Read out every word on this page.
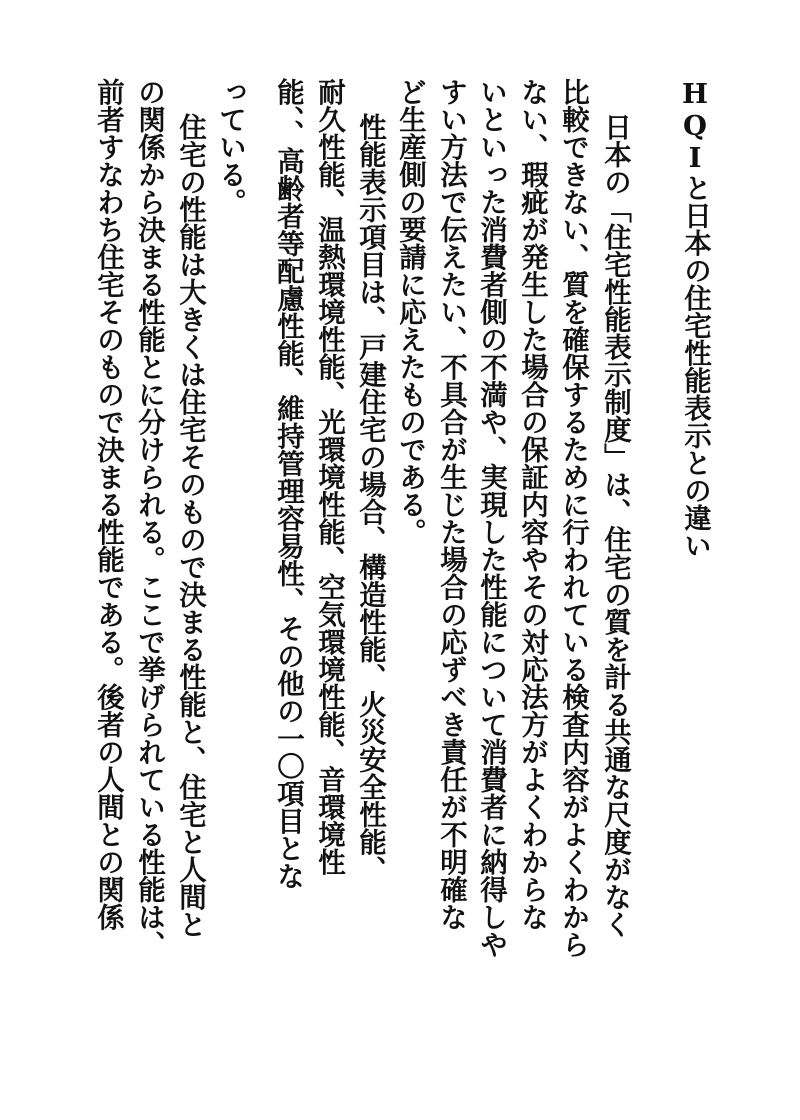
HQIと日本の住宅性能表示との違い
日本の「住宅性能表示制度」は、住宅の質を計る共通な尺度がなく
比較できない、質を確保するために行われている検査内容がよくわから
ない、瑕疵が発生した場合の保証内容やその対応法方がよくわからな
いといった消費者側の不満や、実現した性能について消費者に納得しや
すい方法で伝えたい、不具合が生じた場合の応ずべき責任が不明確な
ど生産側の要請に応えたものである。
性能表示項目は、戸建住宅の場合、構造性能、火災安全性能、
耐久性能、温熱環境性能、光環境性能、空気環境性能、音環境性
能、、高齢者等配慮性能、維持管理容易性、その他の一〇項目とな
っている。
住宅の性能は大きくは住宅そのもので決まる性能と、住宅と人間と
の関係から決まる性能とに分けられる。ここで挙げられている性能は、
前者すなわち住宅そのもので決まる性能である。後者の人間との関係
